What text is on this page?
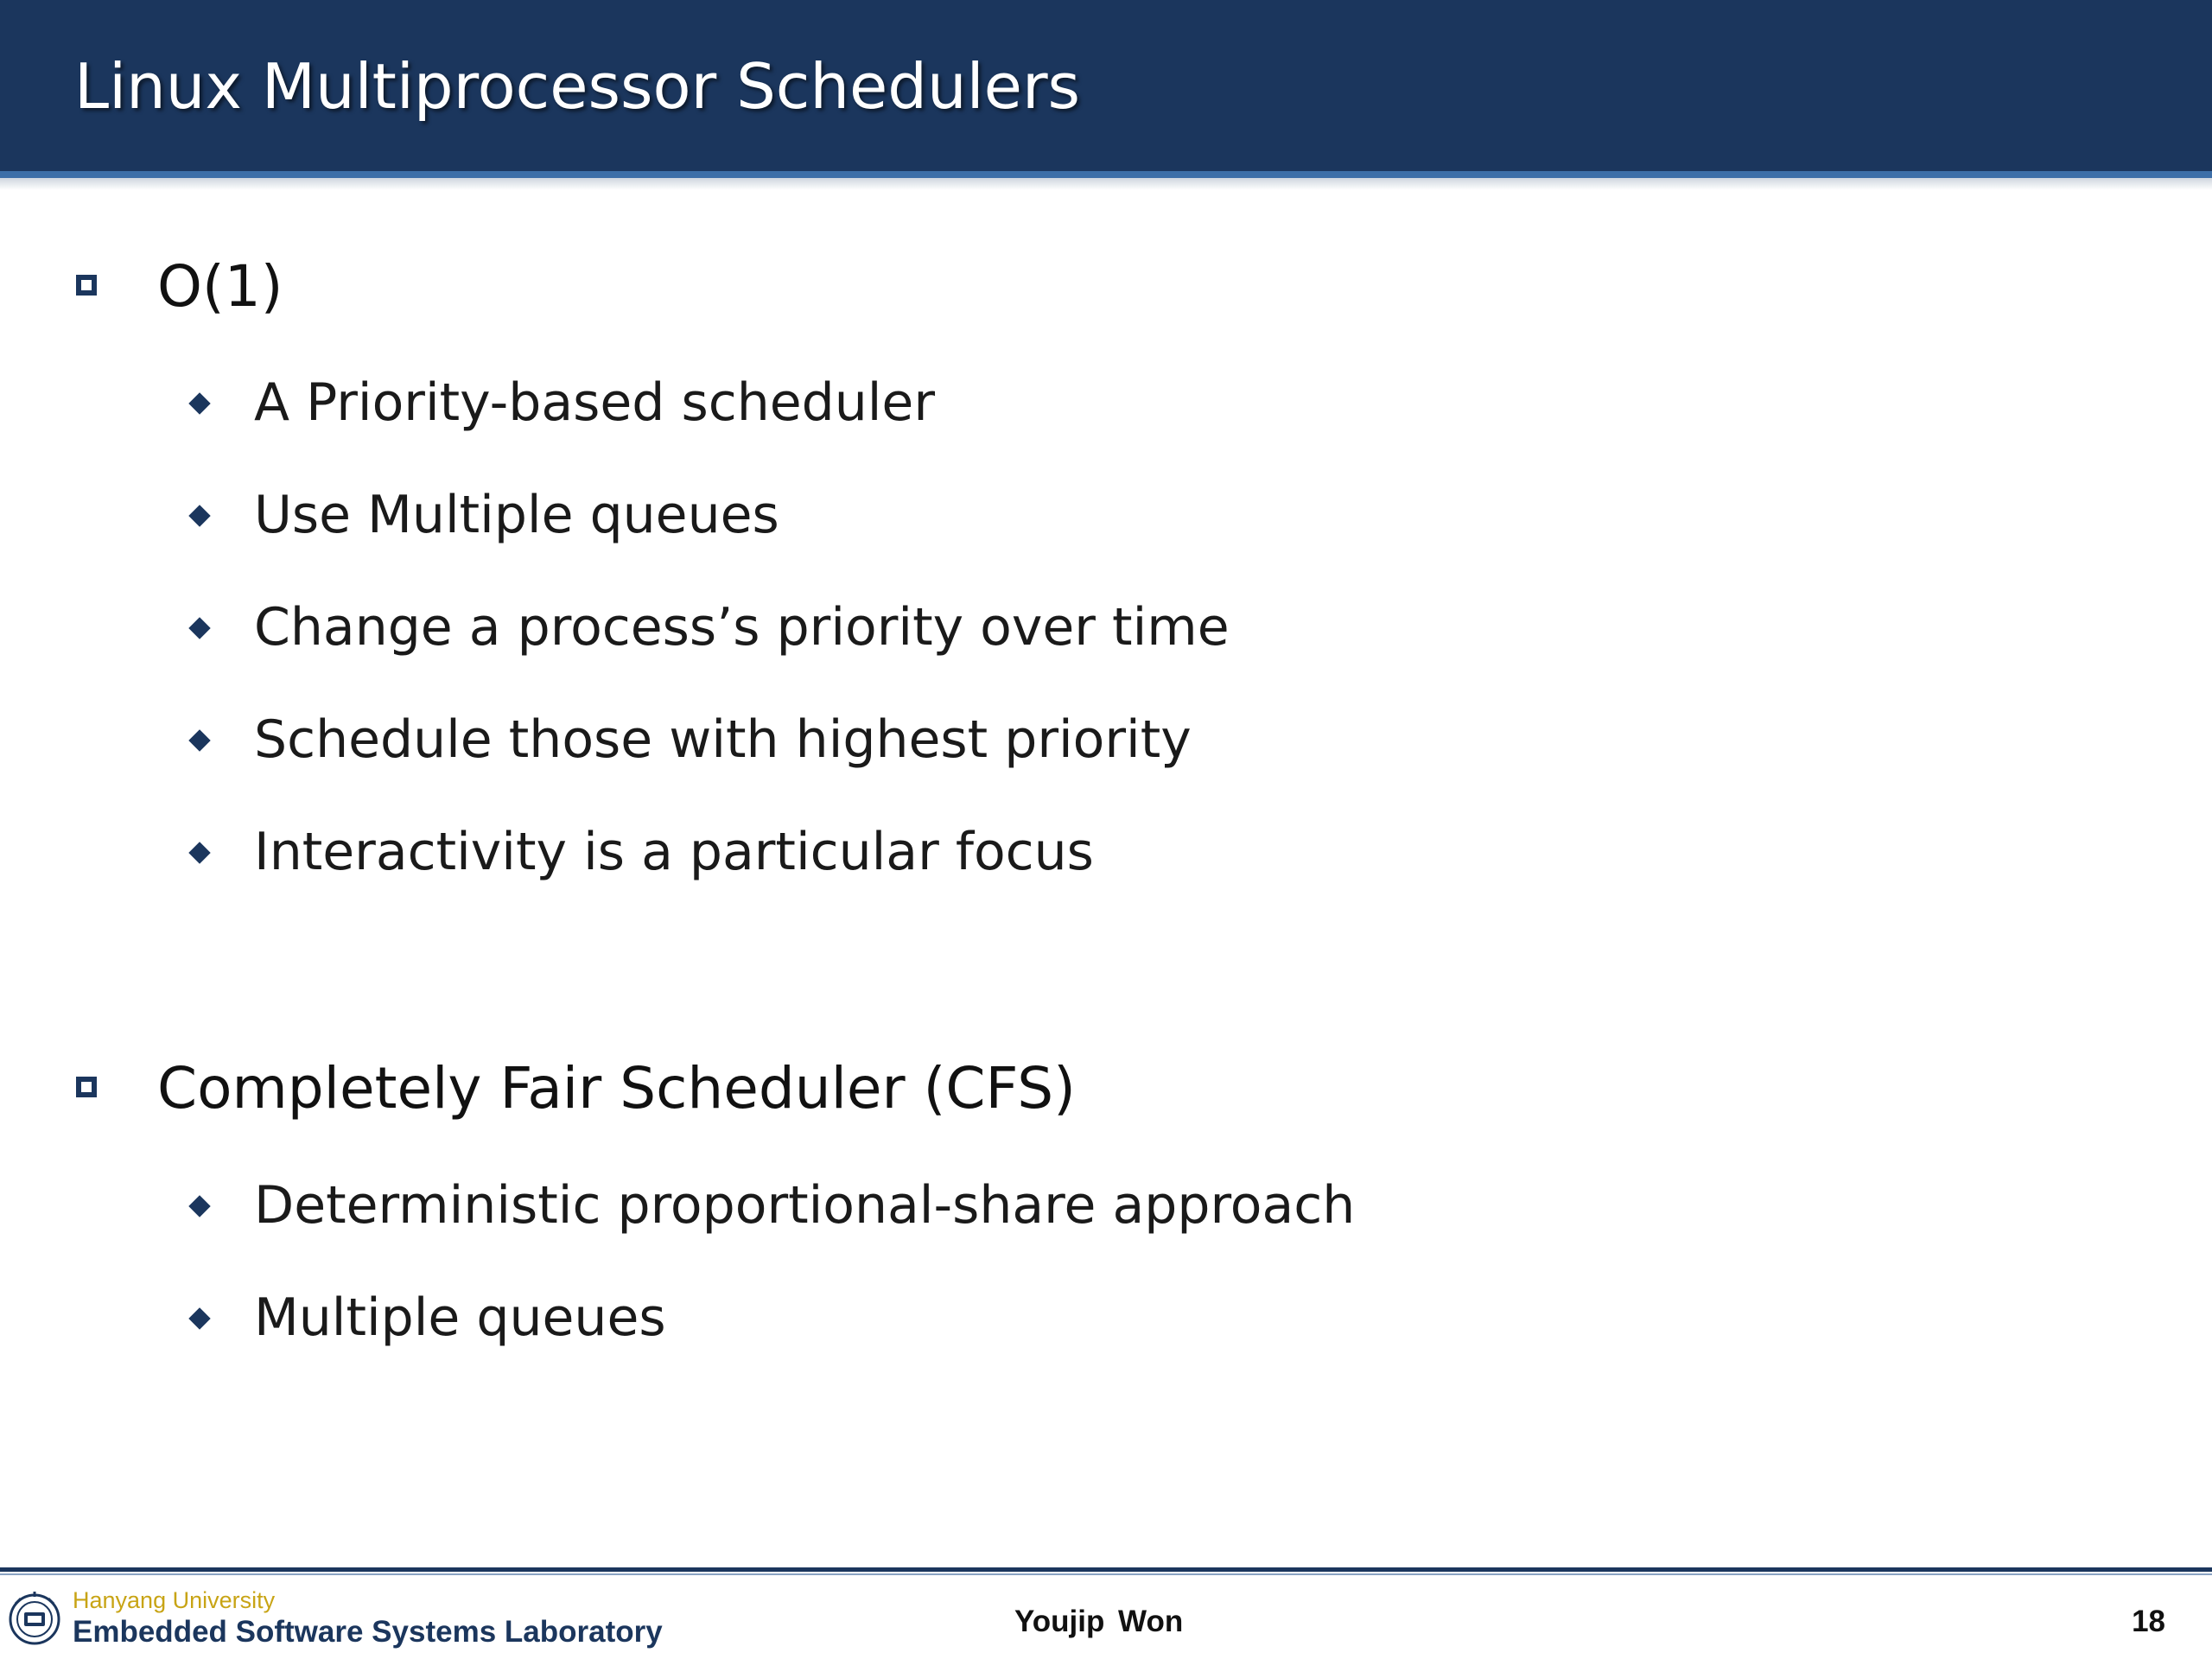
Linux Multiprocessor Schedulers
O(1)
A Priority-based scheduler
Use Multiple queues
Change a process’s priority over time
Schedule those with highest priority
Interactivity is a particular focus
Completely Fair Scheduler (CFS)
Deterministic proportional-share approach
Multiple queues
Hanyang University
Embedded Software Systems Laboratory	Youjip Won	18
